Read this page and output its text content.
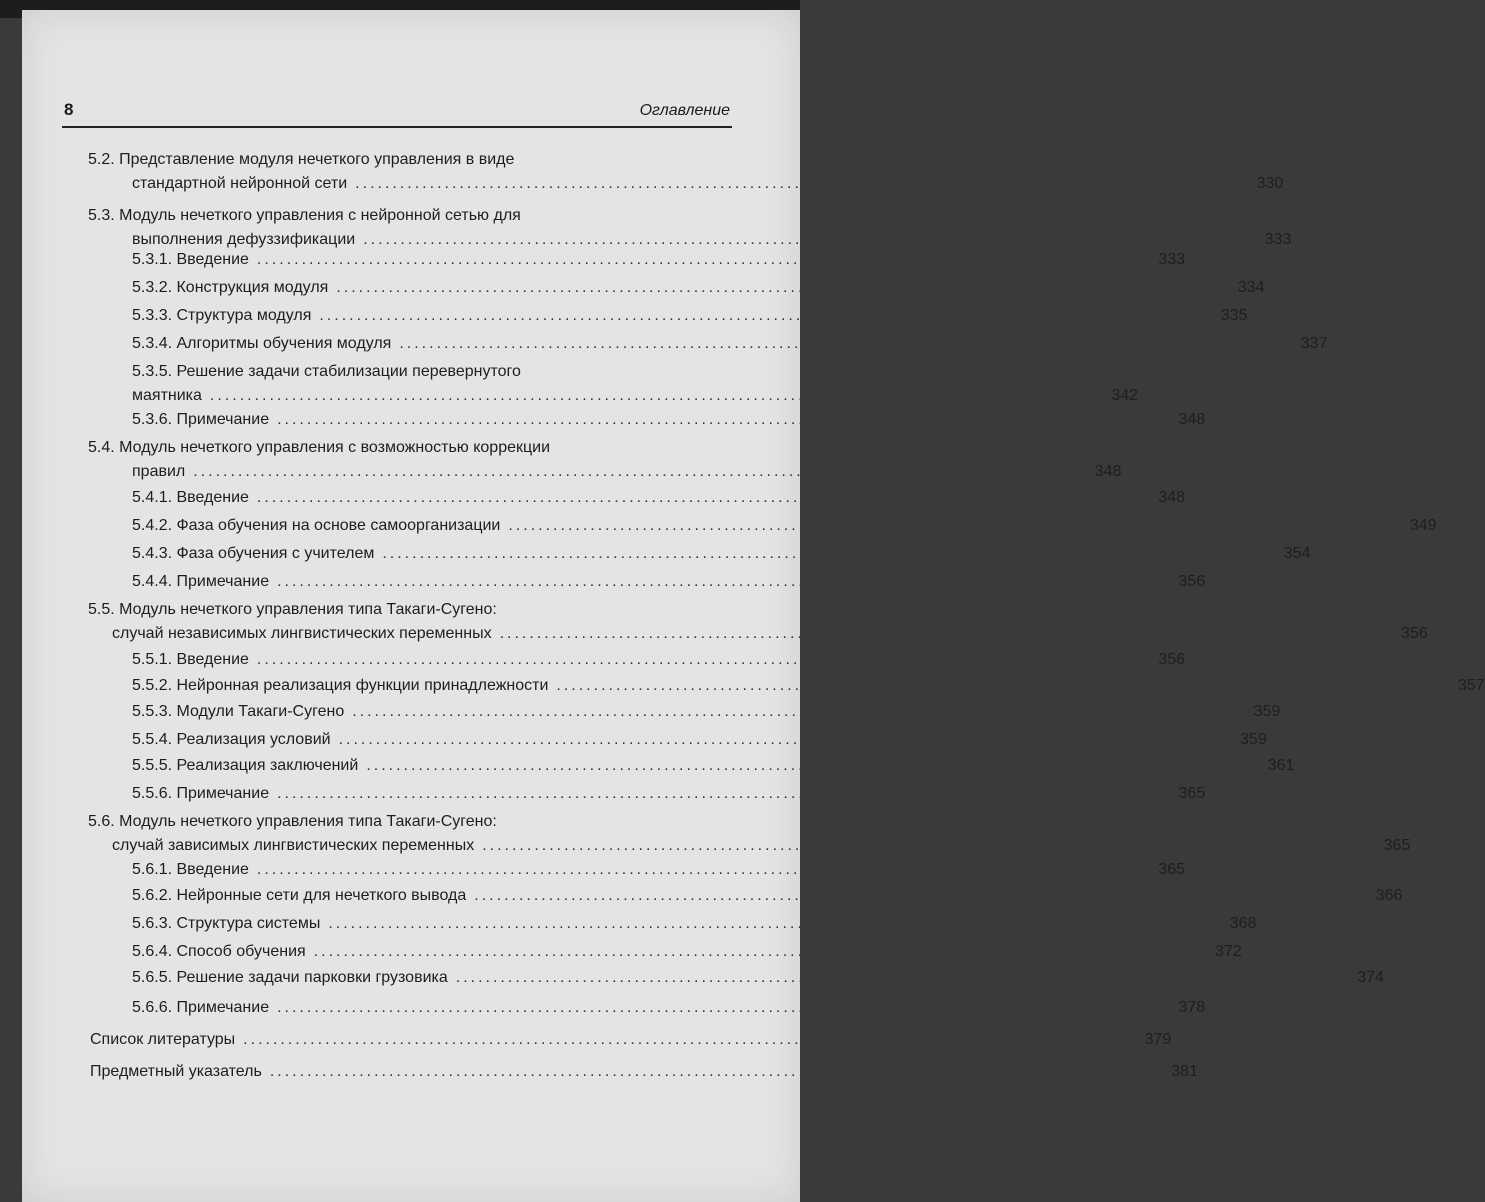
8	Оглавление
5.2. Представление модуля нечеткого управления в виде
стандартной нейронной сети ........................................................................................................................ 330
5.3. Модуль нечеткого управления с нейронной сетью для
выполнения дефуззификации ........................................................................................................................ 333
5.3.1. Введение ........................................................................................................................ 333
5.3.2. Конструкция модуля ........................................................................................................................ 334
5.3.3. Структура модуля ........................................................................................................................ 335
5.3.4. Алгоритмы обучения модуля ........................................................................................................................ 337
5.3.5. Решение задачи стабилизации перевернутого
маятника ........................................................................................................................ 342
5.3.6. Примечание ........................................................................................................................ 348
5.4. Модуль нечеткого управления с возможностью коррекции
правил ........................................................................................................................ 348
5.4.1. Введение ........................................................................................................................ 348
5.4.2. Фаза обучения на основе самоорганизации ........................................................................................................................ 349
5.4.3. Фаза обучения с учителем ........................................................................................................................ 354
5.4.4. Примечание ........................................................................................................................ 356
5.5. Модуль нечеткого управления типа Такаги-Сугено:
случай независимых лингвистических переменных ........................................................................................................................ 356
5.5.1. Введение ........................................................................................................................ 356
5.5.2. Нейронная реализация функции принадлежности ........................................................................................................................ 357
5.5.3. Модули Такаги-Сугено ........................................................................................................................ 359
5.5.4. Реализация условий ........................................................................................................................ 359
5.5.5. Реализация заключений ........................................................................................................................ 361
5.5.6. Примечание ........................................................................................................................ 365
5.6. Модуль нечеткого управления типа Такаги-Сугено:
случай зависимых лингвистических переменных ........................................................................................................................ 365
5.6.1. Введение ........................................................................................................................ 365
5.6.2. Нейронные сети для нечеткого вывода ........................................................................................................................ 366
5.6.3. Структура системы ........................................................................................................................ 368
5.6.4. Способ обучения ........................................................................................................................ 372
5.6.5. Решение задачи парковки грузовика ........................................................................................................................ 374
5.6.6. Примечание ........................................................................................................................ 378
Список литературы ........................................................................................................................ 379
Предметный указатель ........................................................................................................................ 381
